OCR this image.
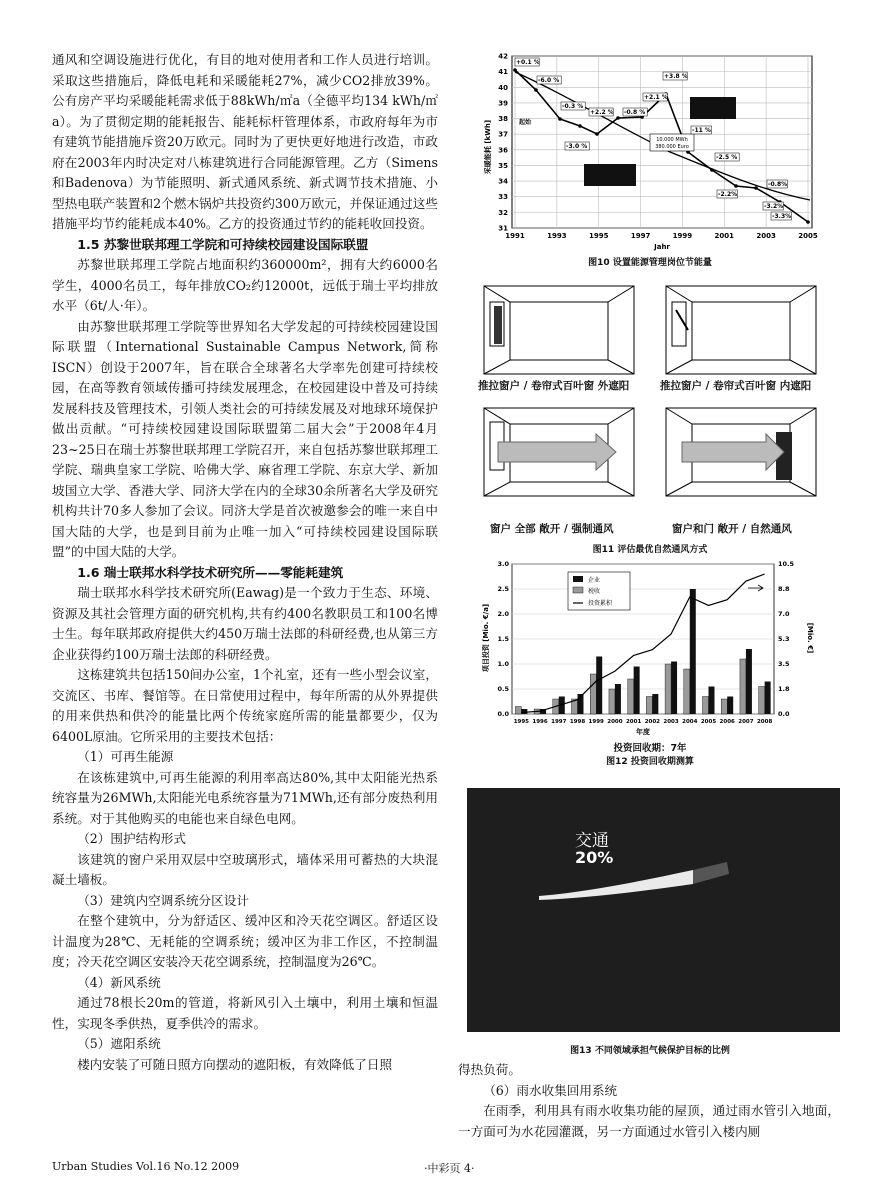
通风和空调设施进行优化，有目的地对使用者和工作人员进行培训。采取这些措施后，降低电耗和采暖能耗27%，减少CO2排放39%。公有房产平均采暖能耗需求低于88kWh/㎡a（全德平均134 kWh/㎡a）。为了贯彻定期的能耗报告、能耗标杆管理体系，市政府每年为市有建筑节能措施斥资20万欧元。同时为了更快更好地进行改造，市政府在2003年内时决定对八栋建筑进行合同能源管理。乙方（Simens和Badenova）为节能照明、新式通风系统、新式调节技术措施、小型热电联产装置和2个燃木锅炉共投资约300万欧元，并保证通过这些措施平均节约能耗成本40%。乙方的投资通过节约的能耗收回投资。

1.5 苏黎世联邦理工学院和可持续校园建设国际联盟

苏黎世联邦理工学院占地面积约360000m²，拥有大约6000名学生，4000名员工，每年排放CO₂约12000t，远低于瑞士平均排放水平（6t/人·年）。

由苏黎世联邦理工学院等世界知名大学发起的可持续校园建设国际联盟（International Sustainable Campus Network,简称ISCN）创设于2007年，旨在联合全球著名大学率先创建可持续校园，在高等教育领域传播可持续发展理念，在校园建设中普及可持续发展科技及管理技术，引领人类社会的可持续发展及对地球环境保护做出贡献。“可持续校园建设国际联盟第二届大会”于2008年4月23~25日在瑞士苏黎世联邦理工学院召开，来自包括苏黎世联邦理工学院、瑞典皇家工学院、哈佛大学、麻省理工学院、东京大学、新加坡国立大学、香港大学、同济大学在内的全球30余所著名大学及研究机构共计70多人参加了会议。同济大学是首次被邀参会的唯一来自中国大陆的大学，也是到目前为止唯一加入“可持续校园建设国际联盟”的中国大陆的大学。

1.6 瑞士联邦水科学技术研究所——零能耗建筑

瑞士联邦水科学技术研究所(Eawag)是一个致力于生态、环境、资源及其社会管理方面的研究机构,共有约400名教职员工和100名博士生。每年联邦政府提供大约450万瑞士法郎的科研经费,也从第三方企业获得约100万瑞士法郎的科研经费。

这栋建筑共包括150间办公室，1个礼室，还有一些小型会议室，交流区、书库、餐馆等。在日常使用过程中，每年所需的从外界提供的用来供热和供冷的能量比两个传统家庭所需的能量都要少，仅为6400L原油。它所采用的主要技术包括：

（1）可再生能源

在该栋建筑中,可再生能源的利用率高达80%,其中太阳能光热系统容量为26MWh,太阳能光电系统容量为71MWh,还有部分废热利用系统。对于其他购买的电能也来自绿色电网。

（2）围护结构形式

该建筑的窗户采用双层中空玻璃形式，墙体采用可蓄热的大块混凝土墙板。

（3）建筑内空调系统分区设计

在整个建筑中，分为舒适区、缓冲区和冷天花空调区。舒适区设计温度为28℃、无耗能的空调系统；缓冲区为非工作区，不控制温度；冷天花空调区安装冷天花空调系统，控制温度为26℃。

（4）新风系统

通过78根长20m的管道，将新风引入土壤中，利用土壤和恒温性，实现冬季供热，夏季供冷的需求。

（5）遮阳系统

楼内安装了可随日照方向摆动的遮阳板，有效降低了日照

42
41
40
39
38
37
36
35
34
33
32
31
1991	1993	1995	1997	1999	2001	2003	2005
采暖能耗 [kWh]
Jahr
10.000 MWh
380.000 Euro
起始
+0.1 %
-6.0 %
-0.3 %
-3.0 %
+2.2 % -0.8 %
+2.1 %
+3.8 %
-11 %
-2.5 %
-2.2%
-0.8%
-3.2%
-3.3%
图10 设置能源管理岗位节能量
推拉窗户 / 卷帘式百叶窗 外遮阳	推拉窗户 / 卷帘式百叶窗 内遮阳
窗户 全部 敞开 / 强制通风	窗户和门 敞开 / 自然通风
图11 评估最优自然通风方式
0.0
0.5
1.0
1.5
2.0
2.5
3.0
0.0
1.8
3.5
5.3
7.0
8.8
10.5
1995 1996 1997 1998 1999 2000 2001 2002 2003 2004 2005 2006 2007 2008
项目投资 [Mio. €/a]	[Mio. €]
企业
税收
投资累积
年度
投资回收期：7年
图12 投资回收期测算
交通
20%
图13 不同领域承担气候保护目标的比例

得热负荷。

（6）雨水收集回用系统

在雨季，利用具有雨水收集功能的屋顶，通过雨水管引入地面，一方面可为水花园灌溉，另一方面通过水管引入楼内厕

Urban Studies Vol.16 No.12 2009	·中彩页 4·
